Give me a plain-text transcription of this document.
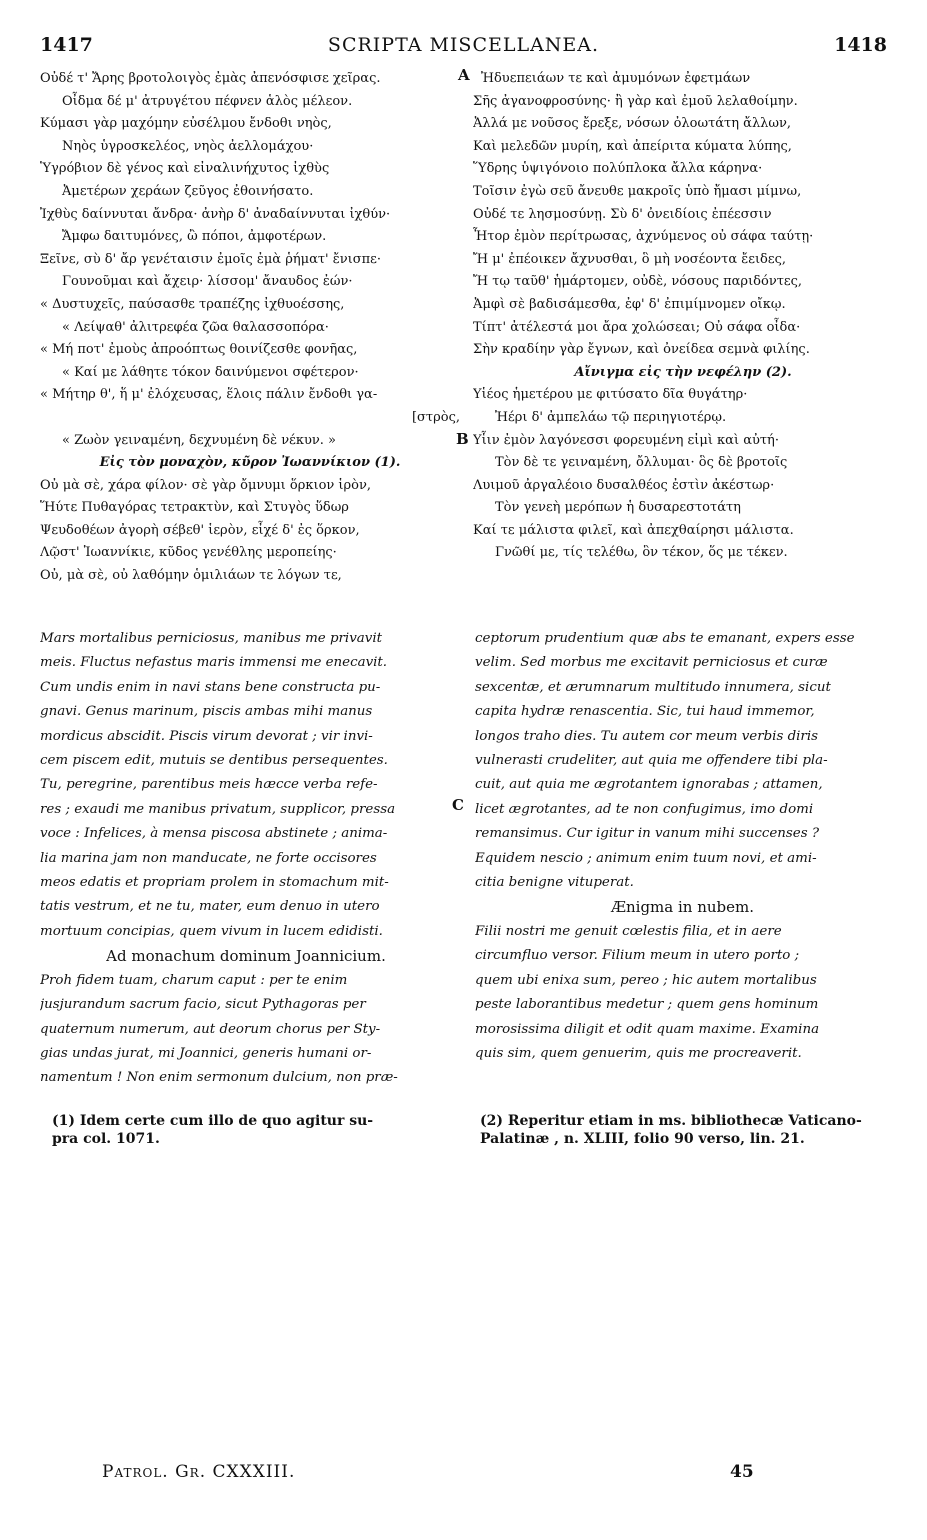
1417	SCRIPTA MISCELLANEA.	1418
A
B
C
Οὐδέ τ' Ἄρης βροτολοιγὸς ἐμὰς ἀπενόσφισε χεῖρας.
Οἶδμα δέ μ' ἀτρυγέτου πέφνεν ἁλὸς μέλεον.
Κύμασι γὰρ μαχόμην εὐσέλμου ἔνδοθι νηὸς,
Νηὸς ὑγροσκελέος, νηὸς ἀελλομάχου·
Ὑγρόβιον δὲ γένος καὶ εἰναλινήχυτος ἰχθὺς
Ἀμετέρων χεράων ζεῦγος ἐθοινήσατο.
Ἰχθὺς δαίννυται ἄνδρα· ἀνὴρ δ' ἀναδαίννυται ἰχθύν·
Ἄμφω δαιτυμόνες, ὢ πόποι, ἀμφοτέρων.
Ξεῖνε, σὺ δ' ἄρ γενέταισιν ἐμοῖς ἐμὰ ῥήματ' ἔνισπε·
Γουνοῦμαι καὶ ἄχειρ· λίσσομ' ἄναυδος ἐών·
« Δυστυχεῖς, παύσασθε τραπέζης ἰχθυοέσσης,
« Λείψαθ' ἀλιτρεφέα ζῶα θαλασσοπόρα·
« Μή ποτ' ἐμοὺς ἀπροόπτως θοινίζεσθε φονῆας,
« Καί με λάθητε τόκον δαινύμενοι σφέτερον·
« Μήτηρ θ', ἥ μ' ἐλόχευσας, ἕλοις πάλιν ἔνδοθι γα-
[στρὸς,
« Ζωὸν γειναμένη, δεχνυμένη δὲ νέκυν. »
Εἰς τὸν μοναχὸν, κῦρον Ἰωαννίκιον (1).
Οὐ μὰ σὲ, χάρα φίλον· σὲ γὰρ ὄμνυμι ὅρκιον ἱρὸν,
Ἥύτε Πυθαγόρας τετρακτὺν, καὶ Στυγὸς ὕδωρ
Ψευδοθέων ἀγορὴ σέβεθ' ἱερὸν, εἶχέ δ' ἐς ὅρκον,
Λῷστ' Ἰωαννίκιε, κῦδος γενέθλης μεροπείης·
Οὐ, μὰ σὲ, οὐ λαθόμην ὁμιλιάων τε λόγων τε,
Ἠδυεπειάων τε καὶ ἀμυμόνων ἐφετμάων
Σῆς ἀγανοφροσύνης· ἢ γὰρ καὶ ἐμοῦ λελαθοίμην.
Ἀλλά με νοῦσος ἔρεξε, νόσων ὀλοωτάτη ἄλλων,
Καὶ μελεδῶν μυρίη, καὶ ἀπείριτα κύματα λύπης,
Ὕδρης ὑψιγόνοιο πολύπλοκα ἄλλα κάρηνα·
Τοῖσιν ἐγὼ σεῦ ἄνευθε μακροῖς ὑπὸ ἤμασι μίμνω,
Οὐδέ τε λησμοσύνῃ. Σὺ δ' ὀνειδίοις ἐπέεσσιν
Ἦτορ ἐμὸν περίτρωσας, ἀχνύμενος οὐ σάφα ταύτῃ·
Ἤ μ' ἐπέοικεν ἄχνυσθαι, ὃ μὴ νοσέοντα ἔειδες,
Ἤ τῳ ταῦθ' ἡμάρτομεν, οὐδὲ, νόσους παριδόντες,
Ἀμφὶ σὲ βαδισάμεσθα, ἐφ' δ' ἐπιμίμνομεν οἴκῳ.
Τίπτ' ἀτέλεστά μοι ἄρα χολώσεαι; Οὐ σάφα οἶδα·
Σὴν κραδίην γὰρ ἔγνων, καὶ ὀνείδεα σεμνὰ φιλίης.
Αἴνιγμα εἰς τὴν νεφέλην (2).
Υἱέος ἡμετέρου με φιτύσατο δῖα θυγάτηρ·
Ἠέρι δ' ἀμπελάω τῷ περιηγιοτέρῳ.
Υἷιν ἐμὸν λαγόνεσσι φορευμένη εἰμὶ καὶ αὐτή·
Τὸν δὲ τε γειναμένη, ὄλλυμαι· ὃς δὲ βροτοῖς
Λυιμοῦ ἀργαλέοιο δυσαλθέος ἐστὶν ἀκέστωρ·
Τὸν γενεὴ μερόπων ἡ δυσαρεστοτάτη
Καί τε μάλιστα φιλεῖ, καὶ ἀπεχθαίρησι μάλιστα.
Γνῶθί με, τίς τελέθω, ὃν τέκον, ὅς με τέκεν.
Mars mortalibus perniciosus, manibus me privavit
meis. Fluctus nefastus maris immensi me enecavit.
Cum undis enim in navi stans bene constructa pu-
gnavi. Genus marinum, piscis ambas mihi manus
mordicus abscidit. Piscis virum devorat ; vir invi-
cem piscem edit, mutuis se dentibus persequentes.
Tu, peregrine, parentibus meis hæcce verba refe-
res ; exaudi me manibus privatum, supplicor, pressa
voce : Infelices, à mensa piscosa abstinete ; anima-
lia marina jam non manducate, ne forte occisores
meos edatis et propriam prolem in stomachum mit-
tatis vestrum, et ne tu, mater, eum denuo in utero
mortuum concipias, quem vivum in lucem edidisti.
Ad monachum dominum Joannicium.
Proh fidem tuam, charum caput : per te enim
jusjurandum sacrum facio, sicut Pythagoras per
quaternum numerum, aut deorum chorus per Sty-
gias undas jurat, mi Joannici, generis humani or-
namentum ! Non enim sermonum dulcium, non præ-
ceptorum prudentium quæ abs te emanant, expers esse
velim. Sed morbus me excitavit perniciosus et curæ
sexcentæ, et ærumnarum multitudo innumera, sicut
capita hydræ renascentia. Sic, tui haud immemor,
longos traho dies. Tu autem cor meum verbis diris
vulnerasti crudeliter, aut quia me offendere tibi pla-
cuit, aut quia me ægrotantem ignorabas ; attamen,
licet ægrotantes, ad te non confugimus, imo domi
remansimus. Cur igitur in vanum mihi succenses ?
Equidem nescio ; animum enim tuum novi, et ami-
citia benigne vituperat.
Ænigma in nubem.
Filii nostri me genuit cœlestis filia, et in aere
circumfluo versor. Filium meum in utero porto ;
quem ubi enixa sum, pereo ; hic autem mortalibus
peste laborantibus medetur ; quem gens hominum
morosissima diligit et odit quam maxime. Examina
quis sim, quem genuerim, quis me procreaverit.
(1) Idem certe cum illo de quo agitur su-
pra col. 1071.
(2) Reperitur etiam in ms. bibliothecæ Vaticano-
Palatinæ , n. XLIII, folio 90 verso, lin. 21.
Patrol. Gr. CXXXIII.	45
